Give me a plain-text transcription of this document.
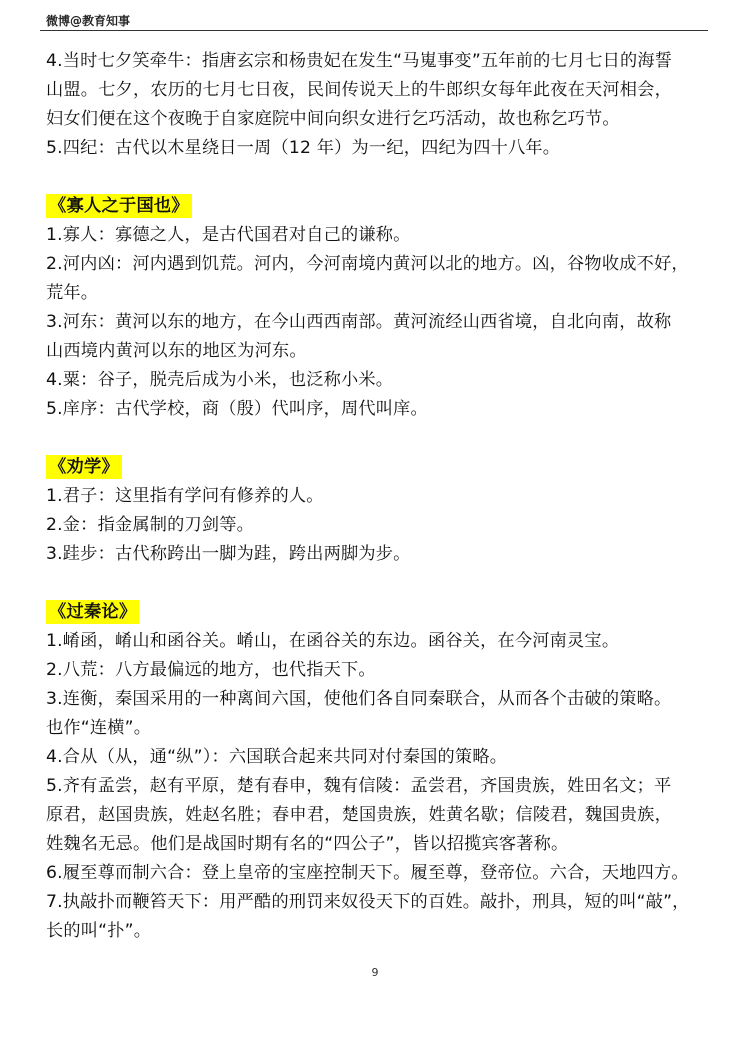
微博@教育知事
4.当时七夕笑牵牛：指唐玄宗和杨贵妃在发生“马嵬事变”五年前的七月七日的海誓
山盟。七夕，农历的七月七日夜，民间传说天上的牛郎织女每年此夜在天河相会，
妇女们便在这个夜晚于自家庭院中间向织女进行乞巧活动，故也称乞巧节。
5.四纪：古代以木星绕日一周（12 年）为一纪，四纪为四十八年。
《寡人之于国也》
1.寡人：寡德之人，是古代国君对自己的谦称。
2.河内凶：河内遇到饥荒。河内，今河南境内黄河以北的地方。凶，谷物收成不好，
荒年。
3.河东：黄河以东的地方，在今山西西南部。黄河流经山西省境，自北向南，故称
山西境内黄河以东的地区为河东。
4.粟：谷子，脱壳后成为小米，也泛称小米。
5.庠序：古代学校，商（殷）代叫序，周代叫庠。
《劝学》
1.君子：这里指有学问有修养的人。
2.金：指金属制的刀剑等。
3.跬步：古代称跨出一脚为跬，跨出两脚为步。
《过秦论》
1.崤函，崤山和函谷关。崤山，在函谷关的东边。函谷关，在今河南灵宝。
2.八荒：八方最偏远的地方，也代指天下。
3.连衡，秦国采用的一种离间六国，使他们各自同秦联合，从而各个击破的策略。
也作“连横”。
4.合从（从，通“纵”）：六国联合起来共同对付秦国的策略。
5.齐有孟尝，赵有平原，楚有春申，魏有信陵：孟尝君，齐国贵族，姓田名文；平
原君，赵国贵族，姓赵名胜；春申君，楚国贵族，姓黄名歇；信陵君，魏国贵族，
姓魏名无忌。他们是战国时期有名的“四公子”，皆以招揽宾客著称。
6.履至尊而制六合：登上皇帝的宝座控制天下。履至尊，登帝位。六合，天地四方。
7.执敲扑而鞭笞天下：用严酷的刑罚来奴役天下的百姓。敲扑，刑具，短的叫“敲”，
长的叫“扑”。
9
